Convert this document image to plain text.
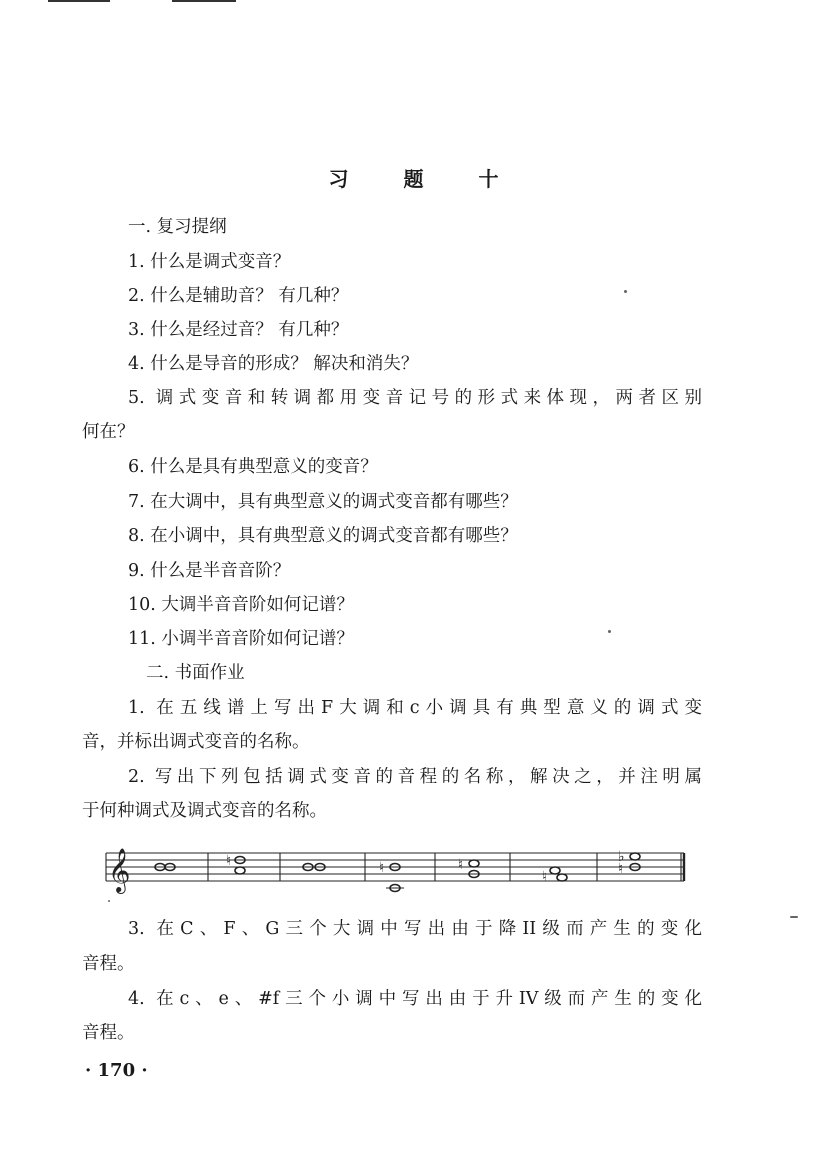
习 题 十
一. 复习提纲
1. 什么是调式变音？
2. 什么是辅助音？ 有几种？
3. 什么是经过音？ 有几种？
4. 什么是导音的形成？ 解决和消失？
5. 调式变音和转调都用变音记号的形式来体现，两者区别
何在？
6. 什么是具有典型意义的变音？
7. 在大调中，具有典型意义的调式变音都有哪些？
8. 在小调中，具有典型意义的调式变音都有哪些？
9. 什么是半音音阶？
10. 大调半音音阶如何记谱？
11. 小调半音音阶如何记谱？
二. 书面作业
1. 在五线谱上写出F大调和c小调具有典型意义的调式变
音，并标出调式变音的名称。
2. 写出下列包括调式变音的音程的名称，解决之，并注明属
于何种调式及调式变音的名称。
𝄞	♮	♮	♮
♮
♭
♮
3. 在C、F、G三个大调中写出由于降II级而产生的变化
音程。
4. 在c、e、#f三个小调中写出由于升IV级而产生的变化
音程。
· 170 ·
